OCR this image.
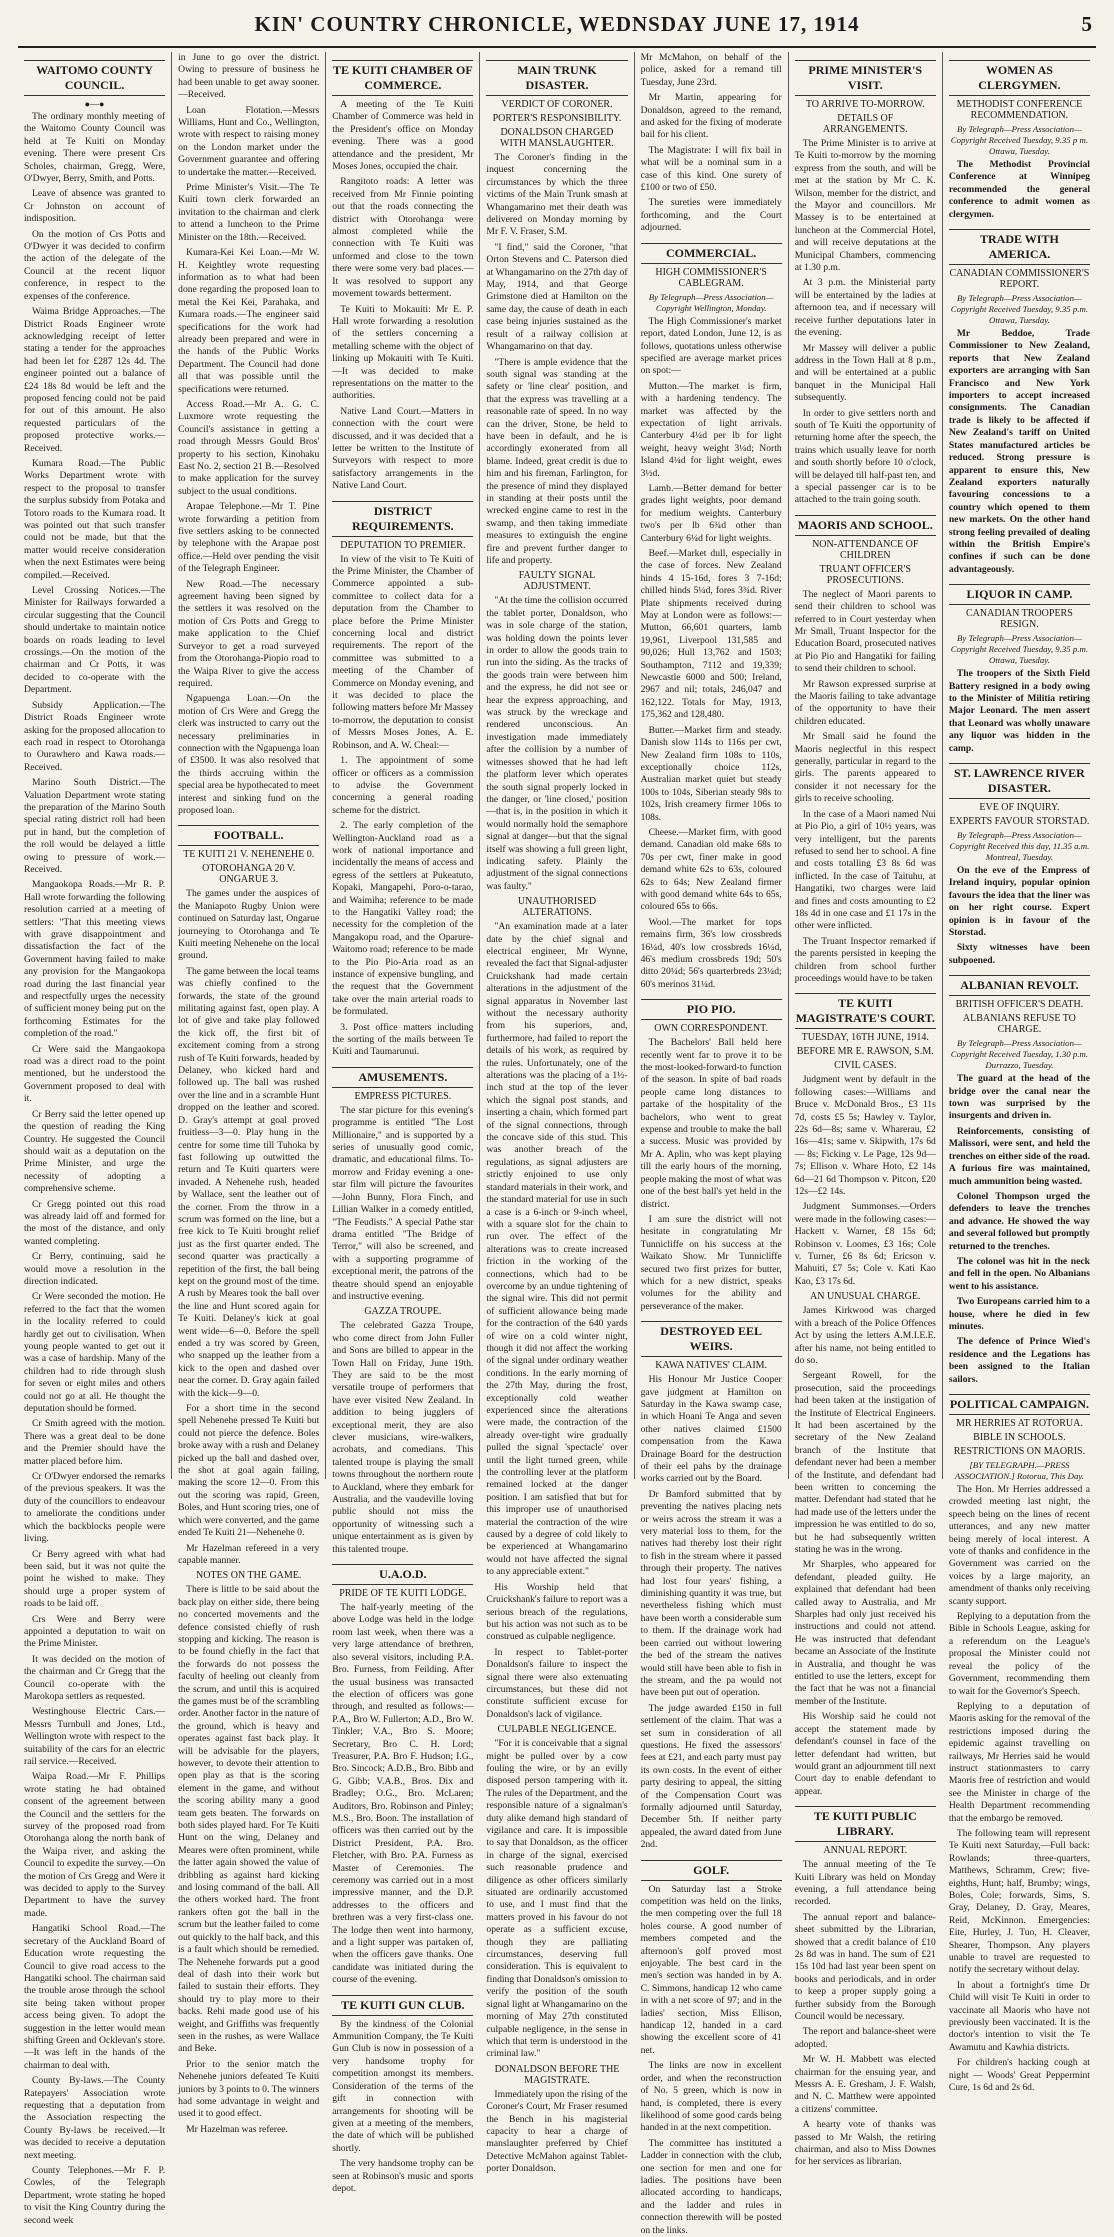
KIN' COUNTRY CHRONICLE, WEDNSDAY JUNE 17, 1914	5
WAITOMO COUNTY COUNCIL.
●—●

The ordinary monthly meeting of the Waitomo County Council was held at Te Kuiti on Monday evening. There were present Crs Scholes, chairman, Gregg, Were, O'Dwyer, Berry, Smith, and Potts.

Leave of absence was granted to Cr Johnston on account of indisposition.

On the motion of Crs Potts and O'Dwyer it was decided to confirm the action of the delegate of the Council at the recent liquor conference, in respect to the expenses of the conference.

Waima Bridge Approaches.—The District Roads Engineer wrote acknowledging receipt of letter stating a tender for the approaches had been let for £287 12s 4d. The engineer pointed out a balance of £24 18s 8d would be left and the proposed fencing could not be paid for out of this amount. He also requested particulars of the proposed protective works.—Received.

Kumara Road.—The Public Works Department wrote with respect to the proposal to transfer the surplus subsidy from Potaka and Totoro roads to the Kumara road. It was pointed out that such transfer could not be made, but that the matter would receive consideration when the next Estimates were being compiled.—Received.

Level Crossing Notices.—The Minister for Railways forwarded a circular suggesting that the Council should undertake to maintain notice boards on roads leading to level crossings.—On the motion of the chairman and Cr Potts, it was decided to co-operate with the Department.

Subsidy Application.—The District Roads Engineer wrote asking for the proposed allocation to each road in respect to Otorohanga to Ourawhero and Kawa roads.—Received.

Marino South District.—The Valuation Department wrote stating the preparation of the Marino South special rating district roll had been put in hand, but the completion of the roll would be delayed a little owing to pressure of work.—Received.

Mangaokopa Roads.—Mr R. P. Hall wrote forwarding the following resolution carried at a meeting of settlers: "That this meeting views with grave disappointment and dissatisfaction the fact of the Government having failed to make any provision for the Mangaokopa road during the last financial year and respectfully urges the necessity of sufficient money being put on the forthcoming Estimates for the completion of the road."

Cr Were said the Mangaokopa road was a direct road to the point mentioned, but he understood the Government proposed to deal with it.

Cr Berry said the letter opened up the question of reading the King Country. He suggested the Council should wait as a deputation on the Prime Minister, and urge the necessity of adopting a comprehensive scheme.

Cr Gregg pointed out this road was already laid off and formed for the most of the distance, and only wanted completing.

Cr Berry, continuing, said he would move a resolution in the direction indicated.

Cr Were seconded the motion. He referred to the fact that the women in the locality referred to could hardly get out to civilisation. When young people wanted to get out it was a case of hardship. Many of the children had to ride through slush for seven or eight miles and others could not go at all. He thought the deputation should be formed.

Cr Smith agreed with the motion. There was a great deal to be done and the Premier should have the matter placed before him.

Cr O'Dwyer endorsed the remarks of the previous speakers. It was the duty of the councillors to endeavour to ameliorate the conditions under which the backblocks people were living.

Cr Berry agreed with what had been said, but it was not quite the point he wished to make. They should urge a proper system of roads to be laid off.

Crs Were and Berry were appointed a deputation to wait on the Prime Minister.

It was decided on the motion of the chairman and Cr Gregg that the Council co-operate with the Marokopa settlers as requested.

Westinghouse Electric Cars.—Messrs Turnbull and Jones, Ltd., Wellington wrote with respect to the suitability of the cars for an electric rail service.—Received.

Waipa Road.—Mr F. Phillips wrote stating he had obtained consent of the agreement between the Council and the settlers for the survey of the proposed road from Otorohanga along the north bank of the Waipa river, and asking the Council to expedite the survey.—On the motion of Crs Gregg and Were it was decided to apply to the Survey Department to have the survey made.

Hangatiki School Road.—The secretary of the Auckland Board of Education wrote requesting the Council to give road access to the Hangatiki school. The chairman said the trouble arose through the school site being taken without proper access being given. To adopt the suggestion in the letter would mean shifting Green and Ocklevan's store.—It was left in the hands of the chairman to deal with.

County By-laws.—The County Ratepayers' Association wrote requesting that a deputation from the Association respecting the County By-laws be received.—It was decided to receive a deputation next meeting.

County Telephones.—Mr F. P. Cowles, of the Telegraph Department, wrote stating he hoped to visit the King Country during the second week

in June to go over the district. Owing to pressure of business he had been unable to get away sooner.—Received.

Loan Flotation.—Messrs Williams, Hunt and Co., Wellington, wrote with respect to raising money on the London market under the Government guarantee and offering to undertake the matter.—Received.

Prime Minister's Visit.—The Te Kuiti town clerk forwarded an invitation to the chairman and clerk to attend a luncheon to the Prime Minister on the 18th.—Received.

Kumara-Kei Kei Loan.—Mr W. H. Keightley wrote requesting information as to what had been done regarding the proposed loan to metal the Kei Kei, Parahaka, and Kumara roads.—The engineer said specifications for the work had already been prepared and were in the hands of the Public Works Department. The Council had done all that was possible until the specifications were returned.

Access Road.—Mr A. G. C. Luxmore wrote requesting the Council's assistance in getting a road through Messrs Gould Bros' property to his section, Kinohaku East No. 2, section 21 B.—Resolved to make application for the survey subject to the usual conditions.

Arapae Telephone.—Mr T. Pine wrote forwarding a petition from five settlers asking to be connected by telephone with the Arapae post office.—Held over pending the visit of the Telegraph Engineer.

New Road.—The necessary agreement having been signed by the settlers it was resolved on the motion of Crs Potts and Gregg to make application to the Chief Surveyor to get a road surveyed from the Otorohanga-Piopio road to the Waipa River to give the access required.

Ngapuenga Loan.—On the motion of Crs Were and Gregg the clerk was instructed to carry out the necessary preliminaries in connection with the Ngapuenga loan of £3500. It was also resolved that the thirds accruing within the special area be hypothecated to meet interest and sinking fund on the proposed loan.

FOOTBALL.
TE KUITI 21 V. NEHENEHE 0.
OTOROHANGA 20 V. ONGARUE 3.

The games under the auspices of the Maniapoto Rugby Union were continued on Saturday last, Ongarue journeying to Otorohanga and Te Kuiti meeting Nehenehe on the local ground.

The game between the local teams was chiefly confined to the forwards, the state of the ground militating against fast, open play. A lot of give and take play followed the kick off, the first bit of excitement coming from a strong rush of Te Kuiti forwards, headed by Delaney, who kicked hard and followed up. The ball was rushed over the line and in a scramble Hunt dropped on the leather and scored. D. Gray's attempt at goal proved fruitless—3—0. Play hung in the centre for some time till Tuhoka by fast following up outwitted the return and Te Kuiti quarters were invaded. A Nehenehe rush, headed by Wallace, sent the leather out of the corner. From the throw in a scrum was formed on the line, but a free kick to Te Kuiti brought relief just as the first quarter ended. The second quarter was practically a repetition of the first, the ball being kept on the ground most of the time. A rush by Meares took the ball over the line and Hunt scored again for Te Kuiti. Delaney's kick at goal went wide—6—0. Before the spell ended a try was scored by Green, who snapped up the leather from a kick to the open and dashed over near the corner. D. Gray again failed with the kick—9—0.

For a short time in the second spell Nehenehe pressed Te Kuiti but could not pierce the defence. Boles broke away with a rush and Delaney picked up the ball and dashed over, the shot at goal again failing, making the score 12—0. From this out the scoring was rapid, Green, Boles, and Hunt scoring tries, one of which were converted, and the game ended Te Kuiti 21—Nehenehe 0.

Mr Hazelman refereed in a very capable manner.

NOTES ON THE GAME.

There is little to be said about the back play on either side, there being no concerted movements and the defence consisted chiefly of rush stopping and kicking. The reason is to be found chiefly in the fact that the forwards do not possess the faculty of heeling out cleanly from the scrum, and until this is acquired the games must be of the scrambling order. Another factor in the nature of the ground, which is heavy and operates against fast back play. It will be advisable for the players, however, to devote their attention to open play as that is the scoring element in the game, and without the scoring ability many a good team gets beaten. The forwards on both sides played hard. For Te Kuiti Hunt on the wing, Delaney and Meares were often prominent, while the latter again showed the value of dribbling as against hard kicking and losing command of the ball. All the others worked hard. The front rankers often got the ball in the scrum but the leather failed to come out quickly to the half back, and this is a fault which should be remedied. The Nehenehe forwards put a good deal of dash into their work but failed to sustain their efforts. They should try to play more to their backs. Rehi made good use of his weight, and Griffiths was frequently seen in the rushes, as were Wallace and Beke.

Prior to the senior match the Nehenehe juniors defeated Te Kuiti juniors by 3 points to 0. The winners had some advantage in weight and used it to good effect.

Mr Hazelman was referee.

TE KUITI CHAMBER OF COMMERCE.

A meeting of the Te Kuiti Chamber of Commerce was held in the President's office on Monday evening. There was a good attendance and the president, Mr Moses Jones, occupied the chair.

Rangitoto roads: A letter was received from Mr Finnie pointing out that the roads connecting the district with Otorohanga were almost completed while the connection with Te Kuiti was unformed and close to the town there were some very bad places.—It was resolved to support any movement towards betterment.

Te Kuiti to Mokauiti: Mr E. P. Hall wrote forwarding a resolution of the settlers concerning a metalling scheme with the object of linking up Mokauiti with Te Kuiti.—It was decided to make representations on the matter to the authorities.

Native Land Court.—Matters in connection with the court were discussed, and it was decided that a letter be written to the Institute of Surveyors with respect to more satisfactory arrangements in the Native Land Court.

DISTRICT REQUIREMENTS.
DEPUTATION TO PREMIER.

In view of the visit to Te Kuiti of the Prime Minister, the Chamber of Commerce appointed a sub-committee to collect data for a deputation from the Chamber to place before the Prime Minister concerning local and district requirements. The report of the committee was submitted to a meeting of the Chamber of Commerce on Monday evening, and it was decided to place the following matters before Mr Massey to-morrow, the deputation to consist of Messrs Moses Jones, A. E. Robinson, and A. W. Cheal:—

1. The appointment of some officer or officers as a commission to advise the Government concerning a general roading scheme for the district.

2. The early completion of the Wellington-Auckland road as a work of national importance and incidentally the means of access and egress of the settlers at Pukeatuto, Kopaki, Mangapehi, Poro-o-tarao, and Waimiha; reference to be made to the Hangatiki Valley road; the necessity for the completion of the Mangakopu road, and the Oparure-Waitomo road; reference to be made to the Pio Pio-Aria road as an instance of expensive bungling, and the request that the Government take over the main arterial roads to be formulated.

3. Post office matters including the sorting of the mails between Te Kuiti and Taumarunui.

AMUSEMENTS.
EMPRESS PICTURES.

The star picture for this evening's programme is entitled "The Lost Millionaire," and is supported by a series of unusually good comic, dramatic, and educational films. To-morrow and Friday evening a one-star film will picture the favourites—John Bunny, Flora Finch, and Lillian Walker in a comedy entitled, "The Feudists." A special Pathe star drama entitled "The Bridge of Terror," will also be screened, and with a supporting programme of exceptional merit, the patrons of the theatre should spend an enjoyable and instructive evening.

GAZZA TROUPE.

The celebrated Gazza Troupe, who come direct from John Fuller and Sons are billed to appear in the Town Hall on Friday, June 19th. They are said to be the most versatile troupe of performers that have ever visited New Zealand. In addition to being jugglers of exceptional merit, they are also clever musicians, wire-walkers, acrobats, and comedians. This talented troupe is playing the small towns throughout the northern route to Auckland, where they embark for Australia, and the vaudeville loving public should not miss the opportunity of witnessing such a unique entertainment as is given by this talented troupe.

U.A.O.D.
PRIDE OF TE KUITI LODGE.

The half-yearly meeting of the above Lodge was held in the lodge room last week, when there was a very large attendance of brethren, also several visitors, including P.A. Bro. Furness, from Feilding. After the usual business was transacted the election of officers was gone through, and resulted as follows:—P.A., Bro W. Fullerton; A.D., Bro W. Tinkler; V.A., Bro S. Moore; Secretary, Bro C. H. Lord; Treasurer, P.A. Bro F. Hudson; I.G., Bro. Sincock; A.D.B., Bro. Bibb and G. Gibb; V.A.B., Bros. Dix and Bradley; O.G., Bro. McLaren; Auditors, Bro. Robinson and Pinley; M.S., Bro. Boon. The installation of officers was then carried out by the District President, P.A. Bro. Fletcher, with Bro. P.A. Furness as Master of Ceremonies. The ceremony was carried out in a most impressive manner, and the D.P. addresses to the officers and brethren was a very first-class one. The lodge then went into harmony, and a light supper was partaken of, when the officers gave thanks. One candidate was initiated during the course of the evening.

TE KUITI GUN CLUB.

By the kindness of the Colonial Ammunition Company, the Te Kuiti Gun Club is now in possession of a very handsome trophy for competition amongst its members. Consideration of the terms of the gift in connection with arrangements for shooting will be given at a meeting of the members, the date of which will be published shortly.

The very handsome trophy can be seen at Robinson's music and sports depot.

MAIN TRUNK DISASTER.
VERDICT OF CORONER.
PORTER'S RESPONSIBILITY.
DONALDSON CHARGED WITH MANSLAUGHTER.

The Coroner's finding in the inquest concerning the circumstances by which the three victims of the Main Trunk smash at Whangamarino met their death was delivered on Monday morning by Mr F. V. Fraser, S.M.

"I find," said the Coroner, "that Orton Stevens and C. Paterson died at Whangamarino on the 27th day of May, 1914, and that George Grimstone died at Hamilton on the same day, the cause of death in each case being injuries sustained as the result of a railway collision at Whangamarino on that day.

"There is ample evidence that the south signal was standing at the safety or 'line clear' position, and that the express was travelling at a reasonable rate of speed. In no way can the driver, Stone, be held to have been in default, and he is accordingly exonerated from all blame. Indeed, great credit is due to him and his fireman, Farlington, for the presence of mind they displayed in standing at their posts until the wrecked engine came to rest in the swamp, and then taking immediate measures to extinguish the engine fire and prevent further danger to life and property.

FAULTY SIGNAL ADJUSTMENT.

"At the time the collision occurred the tablet porter, Donaldson, who was in sole charge of the station, was holding down the points lever in order to allow the goods train to run into the siding. As the tracks of the goods train were between him and the express, he did not see or hear the express approaching, and was struck by the wreckage and rendered unconscious. An investigation made immediately after the collision by a number of witnesses showed that he had left the platform lever which operates the south signal properly locked in the danger, or 'line closed,' position—that is, in the position in which it would normally hold the semaphore signal at danger—but that the signal itself was showing a full green light, indicating safety. Plainly the adjustment of the signal connections was faulty."

UNAUTHORISED ALTERATIONS.

"An examination made at a later date by the chief signal and electrical engineer, Mr Wynne, revealed the fact that Signal-adjuster Cruickshank had made certain alterations in the adjustment of the signal apparatus in November last without the necessary authority from his superiors, and, furthermore, had failed to report the details of his work, as required by the rules. Unfortunately, one of the alterations was the placing of a 1½-inch stud at the top of the lever which the signal post stands, and inserting a chain, which formed part of the signal connections, through the concave side of this stud. This was another breach of the regulations, as signal adjusters are strictly enjoined to use only standard materials in their work, and the standard material for use in such a case is a 6-inch or 9-inch wheel, with a square slot for the chain to run over. The effect of the alterations was to create increased friction in the working of the connections, which had to be overcome by an undue tightening of the signal wire. This did not permit of sufficient allowance being made for the contraction of the 640 yards of wire on a cold winter night, though it did not affect the working of the signal under ordinary weather conditions. In the early morning of the 27th May, during the frost, exceptionally cold weather experienced since the alterations were made, the contraction of the already over-tight wire gradually pulled the signal 'spectacle' over until the light turned green, while the controlling lever at the platform remained locked at the danger position. I am satisfied that but for this improper use of unauthorised material the contraction of the wire caused by a degree of cold likely to be experienced at Whangamarino would not have affected the signal to any appreciable extent."

His Worship held that Cruickshank's failure to report was a serious breach of the regulations, but his action was not such as to be construed as culpable negligence.

In respect to Tablet-porter Donaldson's failure to inspect the signal there were also extenuating circumstances, but these did not constitute sufficient excuse for Donaldson's lack of vigilance.

CULPABLE NEGLIGENCE.

"For it is conceivable that a signal might be pulled over by a cow fouling the wire, or by an evilly disposed person tampering with it. The rules of the Department, and the responsible nature of a signalman's duty alike demand high standard of vigilance and care. It is impossible to say that Donaldson, as the officer in charge of the signal, exercised such reasonable prudence and diligence as other officers similarly situated are ordinarily accustomed to use, and I must find that the matters proved in his favour do not operate as a sufficient excuse, though they are palliating circumstances, deserving full consideration. This is equivalent to finding that Donaldson's omission to verify the position of the south signal light at Whangamarino on the morning of May 27th constituted culpable negligence, in the sense in which that term is understood in the criminal law."

DONALDSON BEFORE THE MAGISTRATE.

Immediately upon the rising of the Coroner's Court, Mr Fraser resumed the Bench in his magisterial capacity to hear a charge of manslaughter preferred by Chief Detective McMahon against Tablet-porter Donaldson.

Mr McMahon, on behalf of the police, asked for a remand till Tuesday, June 23rd.

Mr Martin, appearing for Donaldson, agreed to the remand, and asked for the fixing of moderate bail for his client.

The Magistrate: I will fix bail in what will be a nominal sum in a case of this kind. One surety of £100 or two of £50.

The sureties were immediately forthcoming, and the Court adjourned.

COMMERCIAL.
HIGH COMMISSIONER'S CABLEGRAM.
By Telegraph—Press Association—Copyright Wellington, Monday.

The High Commissioner's market report, dated London, June 12, is as follows, quotations unless otherwise specified are average market prices on spot:—

Mutton.—The market is firm, with a hardening tendency. The market was affected by the expectation of light arrivals. Canterbury 4¼d per lb for light weight, heavy weight 3¼d; North Island 4¼d for light weight, ewes 3½d.

Lamb.—Better demand for better grades light weights, poor demand for medium weights. Canterbury two's per lb 6¾d other than Canterbury 6¼d for light weights.

Beef.—Market dull, especially in the case of forces. New Zealand hinds 4 15-16d, fores 3 7-16d; chilled hinds 5¼d, fores 3¾d. River Plate shipments received during May at London were as follows:—Mutton, 66,601 quarters, lamb 19,961, Liverpool 131,585 and 90,026; Hull 13,762 and 1503; Southampton, 7112 and 19,339; Newcastle 6000 and 500; Ireland, 2967 and nil; totals, 246,047 and 162,122. Totals for May, 1913, 175,362 and 128,480.

Butter.—Market firm and steady. Danish slow 114s to 116s per cwt, New Zealand firm 108s to 110s, exceptionally choice 112s, Australian market quiet but steady 100s to 104s, Siberian steady 98s to 102s, Irish creamery firmer 106s to 108s.

Cheese.—Market firm, with good demand. Canadian old make 68s to 70s per cwt, finer make in good demand white 62s to 63s, coloured 62s to 64s; New Zealand firmer with good demand white 64s to 65s, coloured 65s to 66s.

Wool.—The market for tops remains firm, 36's low crossbreds 16¼d, 40's low crossbreds 16¼d, 46's medium crossbreds 19d; 50's ditto 20¼d; 56's quarterbreds 23¼d; 60's merinos 31¼d.

PIO PIO.
OWN CORRESPONDENT.

The Bachelors' Ball held here recently went far to prove it to be the most-looked-forward-to function of the season. In spite of bad roads people came long distances to partake of the hospitality of the bachelors, who went to great expense and trouble to make the ball a success. Music was provided by Mr A. Aplin, who was kept playing till the early hours of the morning, people making the most of what was one of the best ball's yet held in the district.

I am sure the district will not hesitate in congratulating Mr Tunnicliffe on his success at the Waikato Show. Mr Tunnicliffe secured two first prizes for butter, which for a new district, speaks volumes for the ability and perseverance of the maker.

DESTROYED EEL WEIRS.
KAWA NATIVES' CLAIM.

His Honour Mr Justice Cooper gave judgment at Hamilton on Saturday in the Kawa swamp case, in which Hoani Te Anga and seven other natives claimed £1500 compensation from the Kawa Drainage Board for the destruction of their eel pahs by the drainage works carried out by the Board.

Dr Bamford submitted that by preventing the natives placing nets or weirs across the stream it was a very material loss to them, for the natives had thereby lost their right to fish in the stream where it passed through their property. The natives had lost four years' fishing, a diminishing quantity it was true, but nevertheless fishing which must have been worth a considerable sum to them. If the drainage work had been carried out without lowering the bed of the stream the natives would still have been able to fish in the stream, and the pa would not have been put out of operation.

The judge awarded £150 in full settlement of the claim. That was a set sum in consideration of all questions. He fixed the assessors' fees at £21, and each party must pay its own costs. In the event of either party desiring to appeal, the sitting of the Compensation Court was formally adjourned until Saturday, December 5th. If neither party appealed, the award dated from June 2nd.

GOLF.

On Saturday last a Stroke competition was held on the links, the men competing over the full 18 holes course. A good number of members competed and the afternoon's golf proved most enjoyable. The best card in the men's section was handed in by A. C. Simmons, handicap 12 who came in with a net score of 97; and in the ladies' section, Miss Ellison, handicap 12, handed in a card showing the excellent score of 41 net.

The links are now in excellent order, and when the reconstruction of No. 5 green, which is now in hand, is completed, there is every likelihood of some good cards being handed in at the next competition.

The committee has instituted a Ladder in connection with the club, one section for men and one for ladies. The positions have been allocated according to handicaps, and the ladder and rules in connection therewith will be posted on the links.

PRIME MINISTER'S VISIT.
TO ARRIVE TO-MORROW.
DETAILS OF ARRANGEMENTS.

The Prime Minister is to arrive at Te Kuiti to-morrow by the morning express from the south, and will be met at the station by Mr C. K. Wilson, member for the district, and the Mayor and councillors. Mr Massey is to be entertained at luncheon at the Commercial Hotel, and will receive deputations at the Municipal Chambers, commencing at 1.30 p.m.

At 3 p.m. the Ministerial party will be entertained by the ladies at afternoon tea, and if necessary will receive further deputations later in the evening.

Mr Massey will deliver a public address in the Town Hall at 8 p.m., and will be entertained at a public banquet in the Municipal Hall subsequently.

In order to give settlers north and south of Te Kuiti the opportunity of returning home after the speech, the trains which usually leave for north and south shortly before 10 o'clock, will be delayed till half-past ten, and a special passenger car is to be attached to the train going south.

MAORIS AND SCHOOL.
NON-ATTENDANCE OF CHILDREN
TRUANT OFFICER'S PROSECUTIONS.

The neglect of Maori parents to send their children to school was referred to in Court yesterday when Mr Small, Truant Inspector for the Education Board, prosecuted natives at Pio Pio and Hangatiki for failing to send their children to school.

Mr Rawson expressed surprise at the Maoris failing to take advantage of the opportunity to have their children educated.

Mr Small said he found the Maoris neglectful in this respect generally, particular in regard to the girls. The parents appeared to consider it not necessary for the girls to receive schooling.

In the case of a Maori named Nui at Pio Pio, a girl of 10½ years, was very intelligent, but the parents refused to send her to school. A fine and costs totalling £3 8s 6d was inflicted. In the case of Taituhu, at Hangatiki, two charges were laid and fines and costs amounting to £2 18s 4d in one case and £1 17s in the other were inflicted.

The Truant Inspector remarked if the parents persisted in keeping the children from school further proceedings would have to be taken

TE KUITI MAGISTRATE'S COURT.
TUESDAY, 16TH JUNE, 1914.
BEFORE MR E. RAWSON, S.M.
CIVIL CASES.

Judgment went by default in the following cases:—Williams and Bruce v. McDonald Bros., £3 11s 7d, costs £5 5s; Hawley v. Taylor, 22s 6d—8s; same v. Wharerau, £2 16s—41s; same v. Skipwith, 17s 6d — 8s; Ficking v. Le Page, 12s 9d—7s; Ellison v. Whare Hoto, £2 14s 6d—21 6d Thompson v. Pitcon, £20 12s—£2 14s.

Judgment Summonses.—Orders were made in the following cases:—Hackett v. Warner, £8 15s 6d; Robinson v. Loomes, £3 16s; Cole v. Turner, £6 8s 6d; Ericson v. Mahuiti, £7 5s; Cole v. Kati Kao Kao, £3 17s 6d.

AN UNUSUAL CHARGE.

James Kirkwood was charged with a breach of the Police Offences Act by using the letters A.M.I.E.E. after his name, not being entitled to do so.

Sergeant Rowell, for the prosecution, said the proceedings had been taken at the instigation of the Institute of Electrical Engineers. It had been ascertained by the secretary of the New Zealand branch of the Institute that defendant never had been a member of the Institute, and defendant had been written to concerning the matter. Defendant had stated that he had made use of the letters under the impression he was entitled to do so, but he had subsequently written stating he was in the wrong.

Mr Sharples, who appeared for defendant, pleaded guilty. He explained that defendant had been called away to Australia, and Mr Sharples had only just received his instructions and could not attend. He was instructed that defendant became an Associate of the Institute in Australia, and thought he was entitled to use the letters, except for the fact that he was not a financial member of the Institute.

His Worship said he could not accept the statement made by defendant's counsel in face of the letter defendant had written, but would grant an adjournment till next Court day to enable defendant to appear.

TE KUITI PUBLIC LIBRARY.
ANNUAL REPORT.

The annual meeting of the Te Kuiti Library was held on Monday evening, a full attendance being recorded.

The annual report and balance-sheet submitted by the Librarian, showed that a credit balance of £10 2s 8d was in hand. The sum of £21 15s 10d had last year been spent on books and periodicals, and in order to keep a proper supply going a further subsidy from the Borough Council would be necessary.

The report and balance-sheet were adopted.

Mr W. H. Mabbett was elected chairman for the ensuing year, and Messrs A. E. Gresham, J. F. Walsh, and N. C. Matthew were appointed a citizens' committee.

A hearty vote of thanks was passed to Mr Walsh, the retiring chairman, and also to Miss Downes for her services as librarian.

WOMEN AS CLERGYMEN.
METHODIST CONFERENCE RECOMMENDATION.
By Telegraph—Press Association—Copyright Received Tuesday, 9.35 p m. Ottawa, Tuesday.

The Methodist Provincial Conference at Winnipeg recommended the general conference to admit women as clergymen.

TRADE WITH AMERICA.
CANADIAN COMMISSIONER'S REPORT.
By Telegraph—Press Association—Copyright Received Tuesday, 9.35 p.m. Ottawa, Tuesday.

Mr Beddoe, Trade Commissioner to New Zealand, reports that New Zealand exporters are arranging with San Francisco and New York importers to accept increased consignments. The Canadian trade is likely to be affected if New Zealand's tariff on United States manufactured articles be reduced. Strong pressure is apparent to ensure this, New Zealand exporters naturally favouring concessions to a country which opened to them new markets. On the other hand strong feeling prevailed of dealing within the British Empire's confines if such can be done advantageously.

LIQUOR IN CAMP.
CANADIAN TROOPERS RESIGN.
By Telegraph—Press Association—Copyright Received Tuesday, 9.35 p.m. Ottawa, Tuesday.

The troopers of the Sixth Field Battery resigned in a body owing to the Minister of Militia retiring Major Leonard. The men assert that Leonard was wholly unaware any liquor was hidden in the camp.

ST. LAWRENCE RIVER DISASTER.
EVE OF INQUIRY.
EXPERTS FAVOUR STORSTAD.
By Telegraph—Press Association—Copyright Received this day, 11.35 a.m. Montreal, Tuesday.

On the eve of the Empress of Ireland inquiry, popular opinion favours the idea that the liner was on her right course. Expert opinion is in favour of the Storstad.

Sixty witnesses have been subpoened.

ALBANIAN REVOLT.
BRITISH OFFICER'S DEATH.
ALBANIANS REFUSE TO CHARGE.
By Telegraph—Press Association—Copyright Received Tuesday, 1.30 p.m. Durrazzo, Tuesday.

The guard at the head of the bridge over the canal near the town was surprised by the insurgents and driven in.

Reinforcements, consisting of Malissori, were sent, and held the trenches on either side of the road. A furious fire was maintained, much ammunition being wasted.

Colonel Thompson urged the defenders to leave the trenches and advance. He showed the way and several followed but promptly returned to the trenches.

The colonel was hit in the neck and fell in the open. No Albanians went to his assistance.

Two Europeans carried him to a house, where he died in few minutes.

The defence of Prince Wied's residence and the Legations has been assigned to the Italian sailors.

POLITICAL CAMPAIGN.
MR HERRIES AT ROTORUA.
BIBLE IN SCHOOLS.
RESTRICTIONS ON MAORIS.
[BY TELEGRAPH.—PRESS ASSOCIATION.] Rotorua, This Day.

The Hon. Mr Herries addressed a crowded meeting last night, the speech being on the lines of recent utterances, and any new matter being merely of local interest. A vote of thanks and confidence in the Government was carried on the voices by a large majority, an amendment of thanks only receiving scanty support.

Replying to a deputation from the Bible in Schools League, asking for a referendum on the League's proposal the Minister could not reveal the policy of the Government, recommending them to wait for the Governor's Speech.

Replying to a deputation of Maoris asking for the removal of the restrictions imposed during the epidemic against travelling on railways, Mr Herries said he would instruct stationmasters to carry Maoris free of restriction and would see the Minister in charge of the Health Department recommending that the embargo be removed.

The following team will represent Te Kuiti next Saturday,—Full back: Rowlands; three-quarters, Matthews, Schramm, Crew; five-eighths, Hunt; half, Brumby; wings, Boles, Cole; forwards, Sims, S. Gray, Delaney, D. Gray, Meares, Reid, McKinnon. Emergencies: Eite, Hurley, J. Tuo, H. Cleaver, Shearer, Thompson. Any players unable to travel are requested to notify the secretary without delay.

In about a fortnight's time Dr Child will visit Te Kuiti in order to vaccinate all Maoris who have not previously been vaccinated. It is the doctor's intention to visit the Te Awamutu and Kawhia districts.

For children's hacking cough at night — Woods' Great Peppermint Cure, 1s 6d and 2s 6d.
